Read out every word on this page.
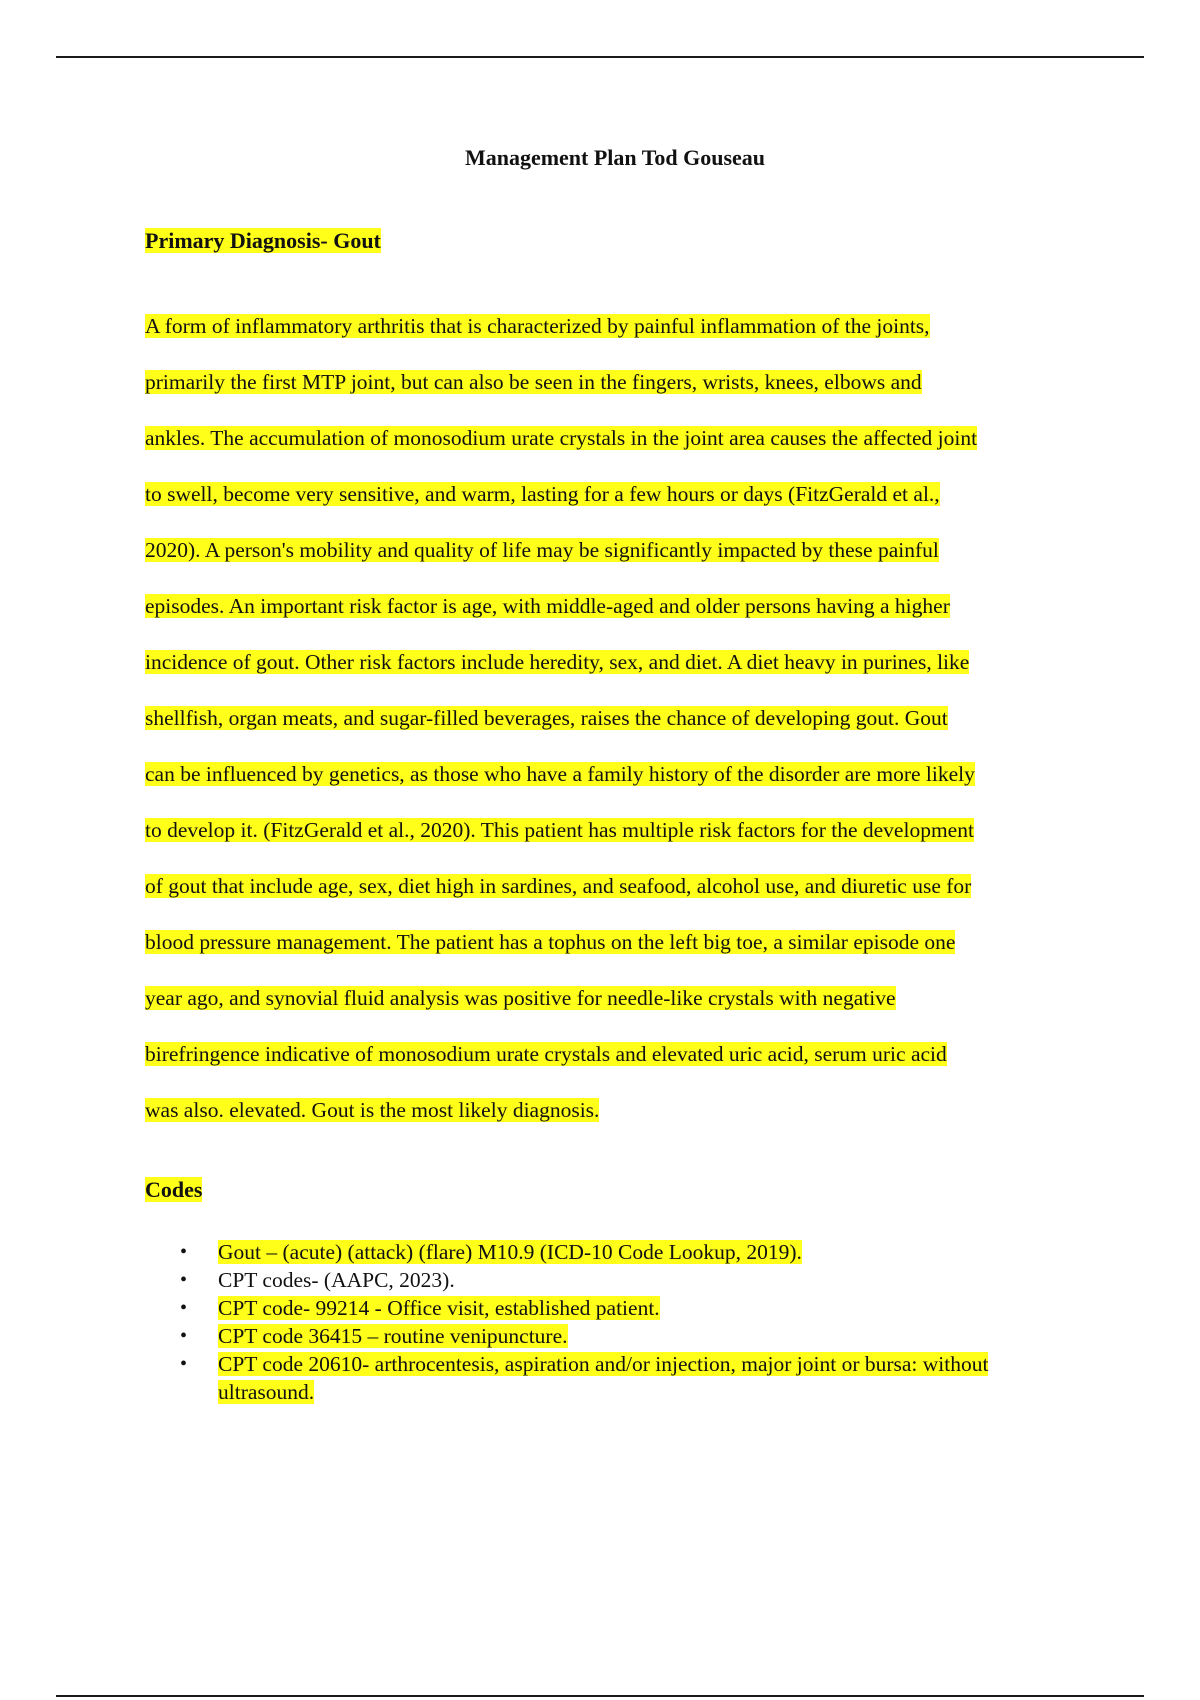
Management Plan Tod Gouseau
Primary Diagnosis- Gout
A form of inflammatory arthritis that is characterized by painful inflammation of the joints,
primarily the first MTP joint, but can also be seen in the fingers, wrists, knees, elbows and
ankles. The accumulation of monosodium urate crystals in the joint area causes the affected joint
to swell, become very sensitive, and warm, lasting for a few hours or days (FitzGerald et al.,
2020). A person's mobility and quality of life may be significantly impacted by these painful
episodes. An important risk factor is age, with middle-aged and older persons having a higher
incidence of gout. Other risk factors include heredity, sex, and diet. A diet heavy in purines, like
shellfish, organ meats, and sugar-filled beverages, raises the chance of developing gout. Gout
can be influenced by genetics, as those who have a family history of the disorder are more likely
to develop it. (FitzGerald et al., 2020). This patient has multiple risk factors for the development
of gout that include age, sex, diet high in sardines, and seafood, alcohol use, and diuretic use for
blood pressure management. The patient has a tophus on the left big toe, a similar episode one
year ago, and synovial fluid analysis was positive for needle-like crystals with negative
birefringence indicative of monosodium urate crystals and elevated uric acid, serum uric acid
was also. elevated. Gout is the most likely diagnosis.
Codes
• Gout – (acute) (attack) (flare) M10.9 (ICD-10 Code Lookup, 2019).
• CPT codes- (AAPC, 2023).
• CPT code- 99214 - Office visit, established patient.
• CPT code 36415 – routine venipuncture.
• CPT code 20610- arthrocentesis, aspiration and/or injection, major joint or bursa: without
ultrasound.
